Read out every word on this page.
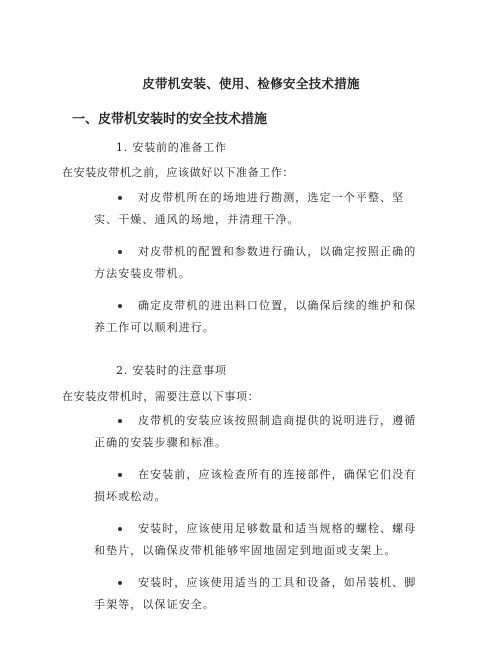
皮带机安装、使用、检修安全技术措施
一、皮带机安装时的安全技术措施
1. 安装前的准备工作
在安装皮带机之前，应该做好以下准备工作：
2. 安装时的注意事项
在安装皮带机时，需要注意以下事项：
对皮带机所在的场地进行勘测，选定一个平整、坚实、干燥、通风的场地，并清理干净。
对皮带机的配置和参数进行确认，以确定按照正确的方法安装皮带机。
确定皮带机的进出料口位置，以确保后续的维护和保养工作可以顺利进行。
皮带机的安装应该按照制造商提供的说明进行，遵循正确的安装步骤和标准。
在安装前，应该检查所有的连接部件，确保它们没有损坏或松动。
安装时，应该使用足够数量和适当规格的螺栓、螺母和垫片，以确保皮带机能够牢固地固定到地面或支架上。
安装时，应该使用适当的工具和设备，如吊装机、脚手架等，以保证安全。
